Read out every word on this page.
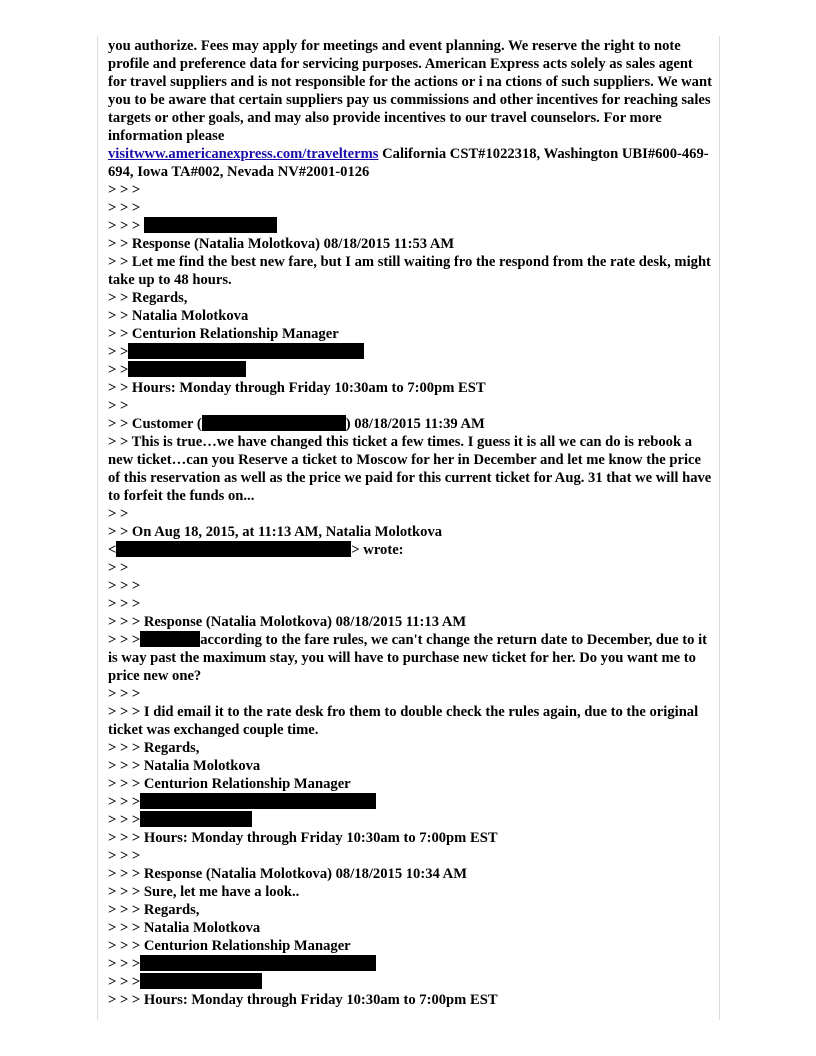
you authorize. Fees may apply for meetings and event planning. We reserve the right to note profile and preference data for servicing purposes. American Express acts solely as sales agent for travel suppliers and is not responsible for the actions or i na ctions of such suppliers. We want you to be aware that certain suppliers pay us commissions and other incentives for reaching sales targets or other goals, and may also provide incentives to our travel counselors. For more information please
visitwww.americanexpress.com/travelterms California CST#1022318, Washington UBI#600-469-694, Iowa TA#002, Nevada NV#2001-0126
> > >
> > >
> > >
> > Response (Natalia Molotkova) 08/18/2015 11:53 AM
> > Let me find the best new fare, but I am still waiting fro the respond from the rate desk, might take up to 48 hours.
> > Regards,
> > Natalia Molotkova
> > Centurion Relationship Manager
> >
> >
> > Hours: Monday through Friday 10:30am to 7:00pm EST
> >
> > Customer (	) 08/18/2015 11:39 AM
> > This is true…we have changed this ticket a few times. I guess it is all we can do is rebook a new ticket…can you Reserve a ticket to Moscow for her in December and let me know the price of this reservation as well as the price we paid for this current ticket for Aug. 31 that we will have to forfeit the funds on...
> >
> > On Aug 18, 2015, at 11:13 AM, Natalia Molotkova
<	> wrote:
> >
> > >
> > >
> > > Response (Natalia Molotkova) 08/18/2015 11:13 AM
> > >	according to the fare rules, we can't change the return date to December, due to it is way past the maximum stay, you will have to purchase new ticket for her. Do you want me to price new one?
> > >
> > > I did email it to the rate desk fro them to double check the rules again, due to the original ticket was exchanged couple time.
> > > Regards,
> > > Natalia Molotkova
> > > Centurion Relationship Manager
> > >
> > >
> > > Hours: Monday through Friday 10:30am to 7:00pm EST
> > >
> > > Response (Natalia Molotkova) 08/18/2015 10:34 AM
> > > Sure, let me have a look..
> > > Regards,
> > > Natalia Molotkova
> > > Centurion Relationship Manager
> > >
> > >
> > > Hours: Monday through Friday 10:30am to 7:00pm EST
